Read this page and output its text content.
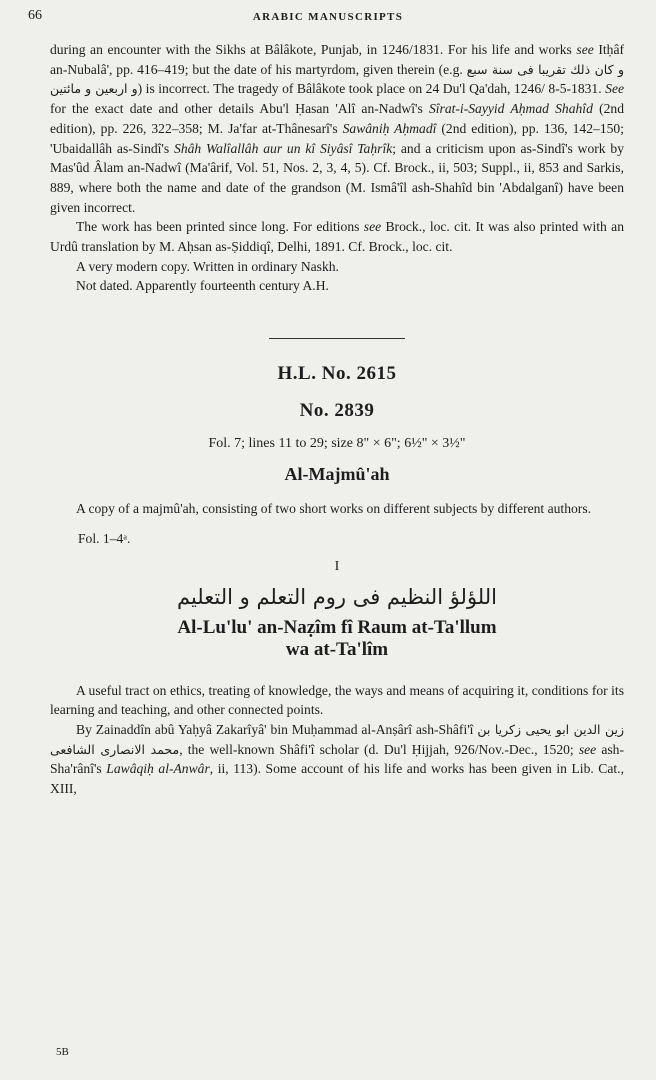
66	ARABIC MANUSCRIPTS

during an encounter with the Sikhs at Bâlâkote, Punjab, in 1246/1831. For his life and works see Itḥâf an-Nubalâ', pp. 416–419; but the date of his martyrdom, given therein (e.g. و كان ذلك تقريبا فى سنة سبع و اربعين و مائتين) is incorrect. The tragedy of Bâlâkote took place on 24 Du'l Qa'dah, 1246/ 8-5-1831. See for the exact date and other details Abu'l Ḥasan 'Alî an-Nadwî's Sîrat-i-Sayyid Aḥmad Shahîd (2nd edition), pp. 226, 322–358; M. Ja'far at-Thânesarî's Sawâniḥ Aḥmadî (2nd edition), pp. 136, 142–150; 'Ubaidallâh as-Sindî's Shâh Walîallâh aur un kî Siyâsî Taḥrîk; and a criticism upon as-Sindî's work by Mas'ûd Âlam an-Nadwî (Ma'ârif, Vol. 51, Nos. 2, 3, 4, 5). Cf. Brock., ii, 503; Suppl., ii, 853 and Sarkis, 889, where both the name and date of the grandson (M. Ismâ'îl ash-Shahîd bin 'Abdalganî) have been given incorrect.

The work has been printed since long. For editions see Brock., loc. cit. It was also printed with an Urdû translation by M. Aḥsan as-Ṣiddiqî, Delhi, 1891. Cf. Brock., loc. cit.

A very modern copy. Written in ordinary Naskh.

Not dated. Apparently fourteenth century A.H.

H.L. No. 2615
No. 2839
Fol. 7; lines 11 to 29; size 8" × 6"; 6½" × 3½"
Al-Majmû'ah

A copy of a majmû'ah, consisting of two short works on different subjects by different authors.

Fol. 1–4ᵃ.

I
اللؤلؤ النظيم فى روم التعلم و التعليم
Al-Lu'lu' an-Naẓîm fî Raum at-Ta'llum
wa at-Ta'lîm

A useful tract on ethics, treating of knowledge, the ways and means of acquiring it, conditions for its learning and teaching, and other connected points.

By Zainaddîn abû Yaḥyâ Zakarîyâ' bin Muḥammad al-Anṣârî ash-Shâfi'î زين الدين ابو يحيى زكريا بن محمد الانصارى الشافعى, the well-known Shâfi'î scholar (d. Du'l Ḥijjah, 926/Nov.-Dec., 1520; see ash-Sha'rânî's Lawâqiḥ al-Anwâr, ii, 113). Some account of his life and works has been given in Lib. Cat., XIII,

5B
